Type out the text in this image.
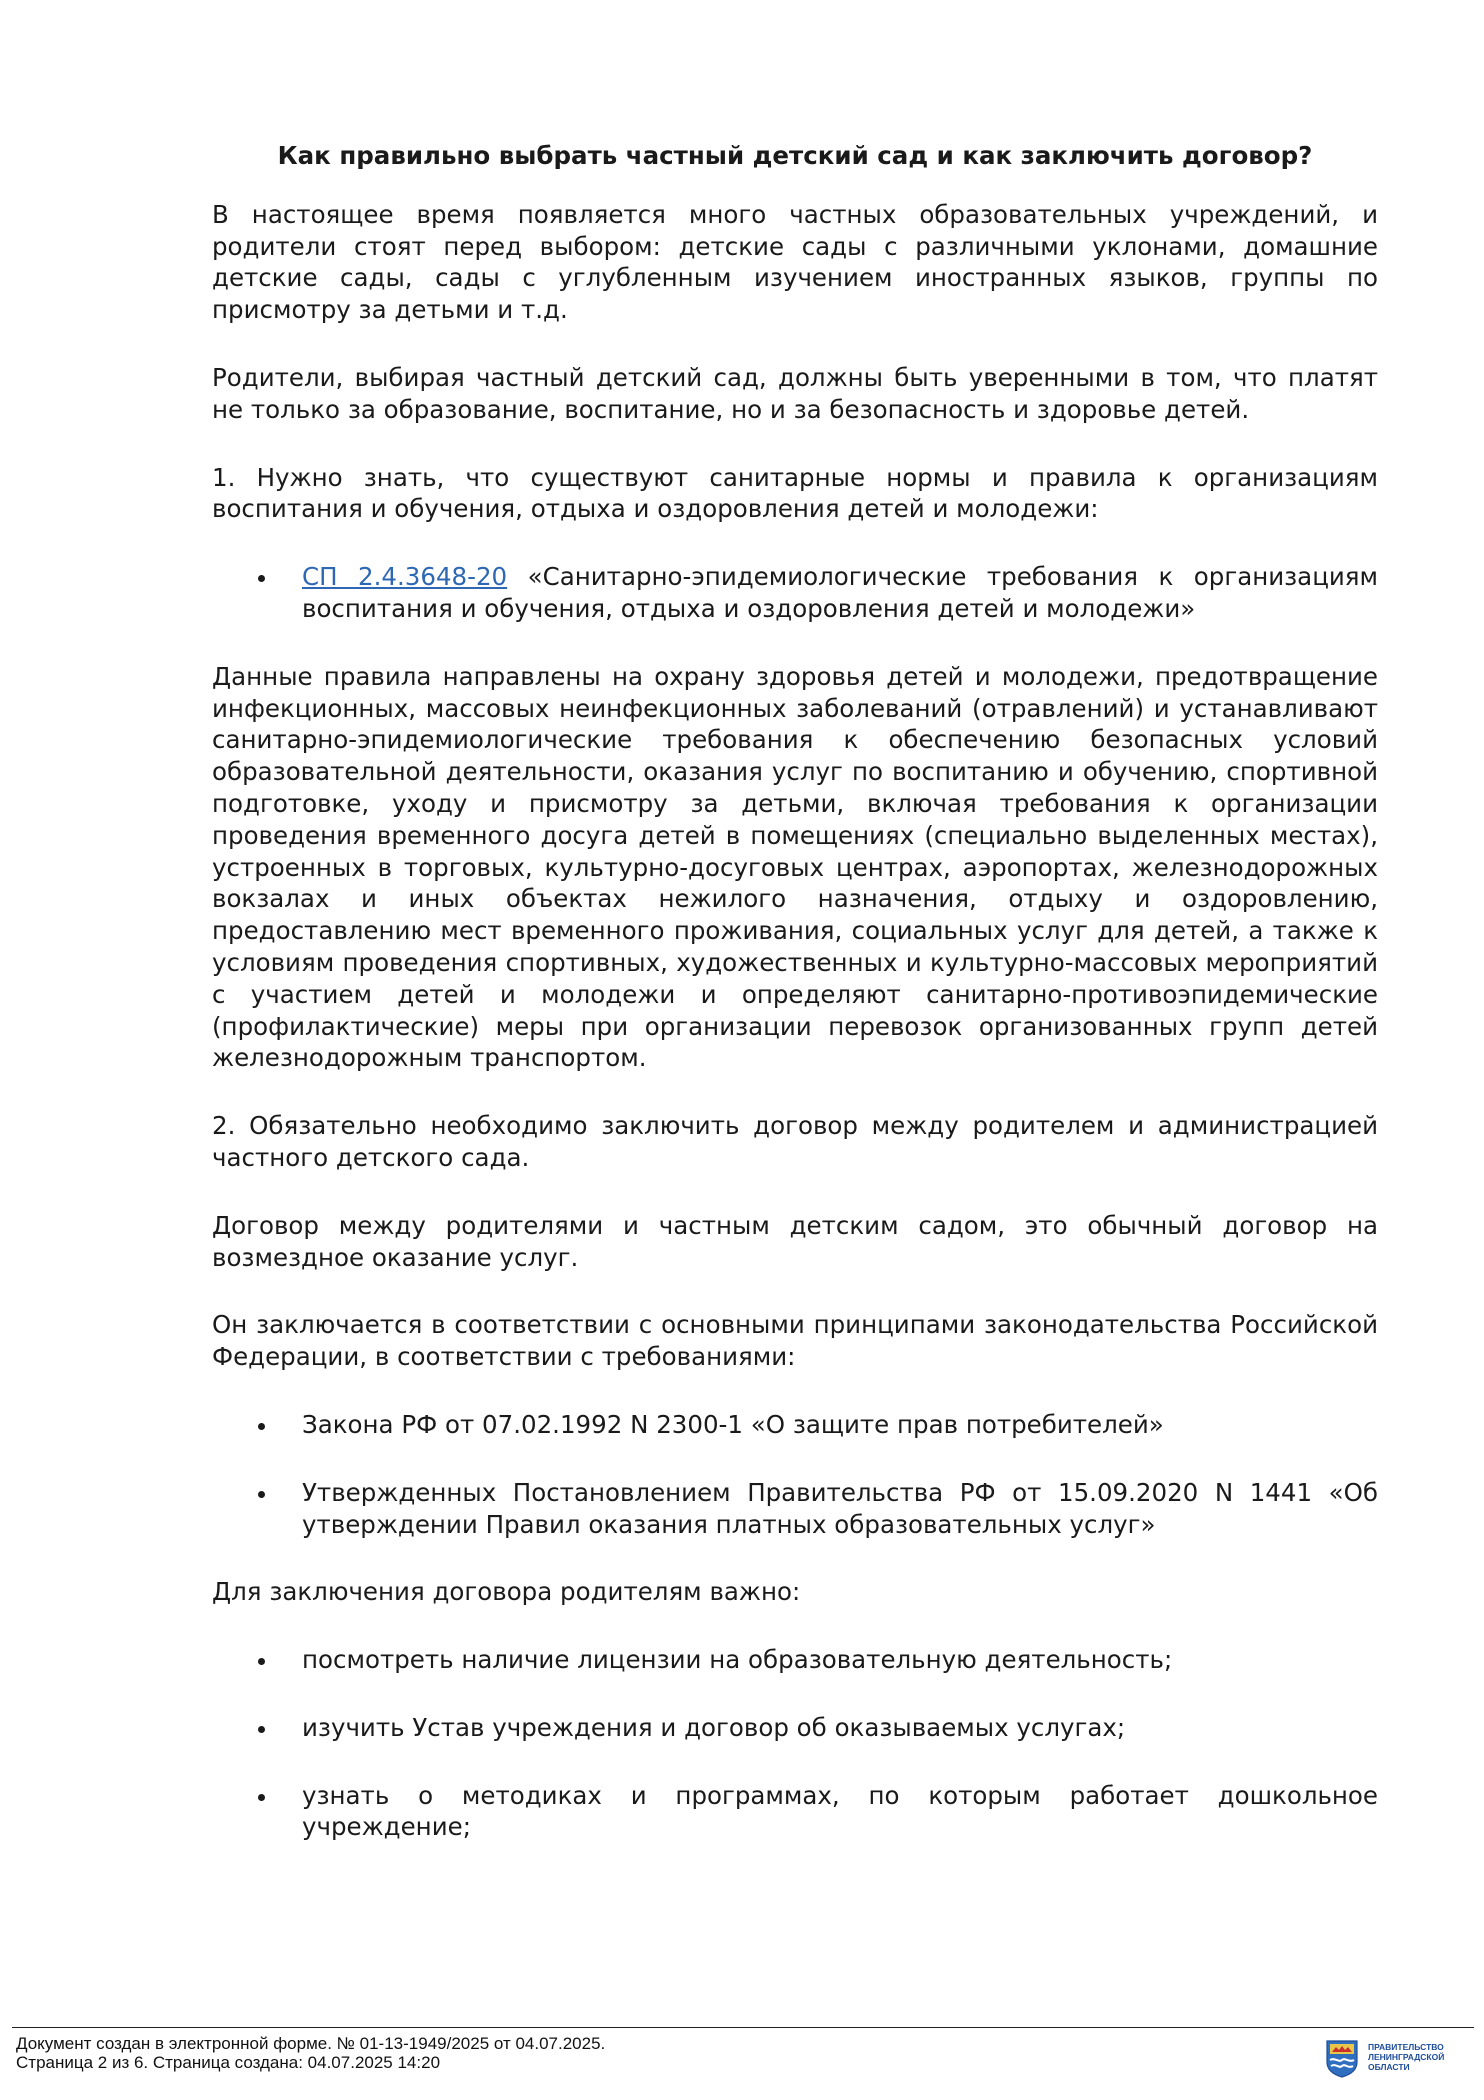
Как правильно выбрать частный детский сад и как заключить договор?
В настоящее время появляется много частных образовательных учреждений, и родители стоят перед выбором: детские сады с различными уклонами, домашние детские сады, сады с углубленным изучением иностранных языков, группы по присмотру за детьми и т.д.
Родители, выбирая частный детский сад, должны быть уверенными в том, что платят не только за образование, воспитание, но и за безопасность и здоровье детей.
1. Нужно знать, что существуют санитарные нормы и правила к организациям воспитания и обучения, отдыха и оздоровления детей и молодежи:
СП 2.4.3648-20 «Санитарно-эпидемиологические требования к организациям воспитания и обучения, отдыха и оздоровления детей и молодежи»
Данные правила направлены на охрану здоровья детей и молодежи, предотвращение инфекционных, массовых неинфекционных заболеваний (отравлений) и устанавливают санитарно-эпидемиологические требования к обеспечению безопасных условий образовательной деятельности, оказания услуг по воспитанию и обучению, спортивной подготовке, уходу и присмотру за детьми, включая требования к организации проведения временного досуга детей в помещениях (специально выделенных местах), устроенных в торговых, культурно-досуговых центрах, аэропортах, железнодорожных вокзалах и иных объектах нежилого назначения, отдыху и оздоровлению, предоставлению мест временного проживания, социальных услуг для детей, а также к условиям проведения спортивных, художественных и культурно-массовых мероприятий с участием детей и молодежи и определяют санитарно-противоэпидемические (профилактические) меры при организации перевозок организованных групп детей железнодорожным транспортом.
2. Обязательно необходимо заключить договор между родителем и администрацией частного детского сада.
Договор между родителями и частным детским садом, это обычный договор на возмездное оказание услуг.
Он заключается в соответствии с основными принципами законодательства Российской Федерации, в соответствии с требованиями:
Закона РФ от 07.02.1992 N 2300-1 «О защите прав потребителей»
Утвержденных Постановлением Правительства РФ от 15.09.2020 N 1441 «Об утверждении Правил оказания платных образовательных услуг»
Для заключения договора родителям важно:
посмотреть наличие лицензии на образовательную деятельность;
изучить Устав учреждения и договор об оказываемых услугах;
узнать о методиках и программах, по которым работает дошкольное учреждение;
Документ создан в электронной форме. № 01-13-1949/2025 от 04.07.2025.
Страница 2 из 6. Страница создана: 04.07.2025 14:20
ПРАВИТЕЛЬСТВО ЛЕНИНГРАДСКОЙ ОБЛАСТИ
